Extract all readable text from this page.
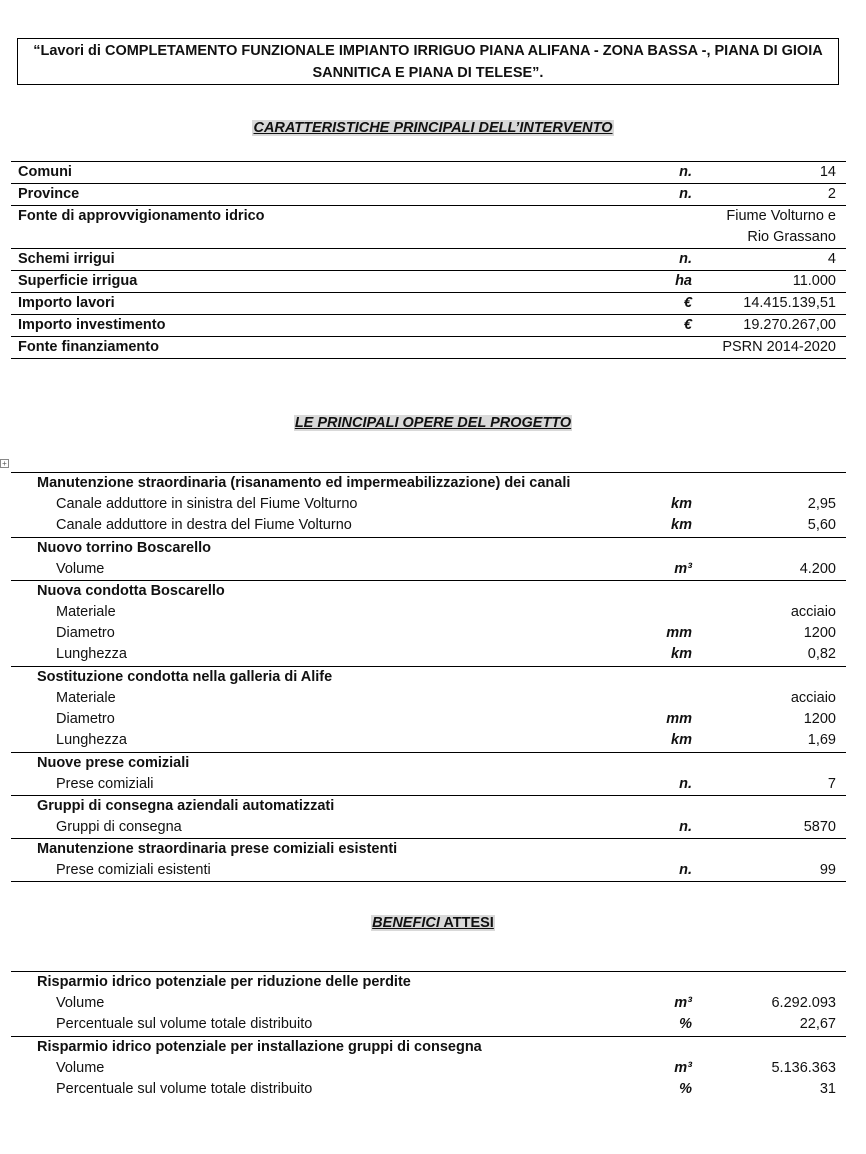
“Lavori di COMPLETAMENTO FUNZIONALE IMPIANTO IRRIGUO PIANA ALIFANA - ZONA BASSA -, PIANA DI GIOIA SANNITICA E PIANA DI TELESE”.
CARATTERISTICHE PRINCIPALI DELL’INTERVENTO
Comuni	n.	14
Province	n.	2
Fonte di approvvigionamento idrico	Fiume Volturno e
Rio Grassano
Schemi irrigui	n.	4
Superficie irrigua	ha	11.000
Importo lavori	€	14.415.139,51
Importo investimento	€	19.270.267,00
Fonte finanziamento	PSRN 2014-2020
LE PRINCIPALI OPERE DEL PROGETTO
+
Manutenzione straordinaria (risanamento ed impermeabilizzazione) dei canali
Canale adduttore in sinistra del Fiume Volturno	km	2,95
Canale adduttore in destra del Fiume Volturno	km	5,60
Nuovo torrino Boscarello
Volume	m³	4.200
Nuova condotta Boscarello
Materiale	acciaio
Diametro	mm	1200
Lunghezza	km	0,82
Sostituzione condotta nella galleria di Alife
Materiale	acciaio
Diametro	mm	1200
Lunghezza	km	1,69
Nuove prese comiziali
Prese comiziali	n.	7
Gruppi di consegna aziendali automatizzati
Gruppi di consegna	n.	5870
Manutenzione straordinaria prese comiziali esistenti
Prese comiziali esistenti	n.	99
BENEFICI ATTESI
Risparmio idrico potenziale per riduzione delle perdite
Volume	m³	6.292.093
Percentuale sul volume totale distribuito	%	22,67
Risparmio idrico potenziale per installazione gruppi di consegna
Volume	m³	5.136.363
Percentuale sul volume totale distribuito	%	31
